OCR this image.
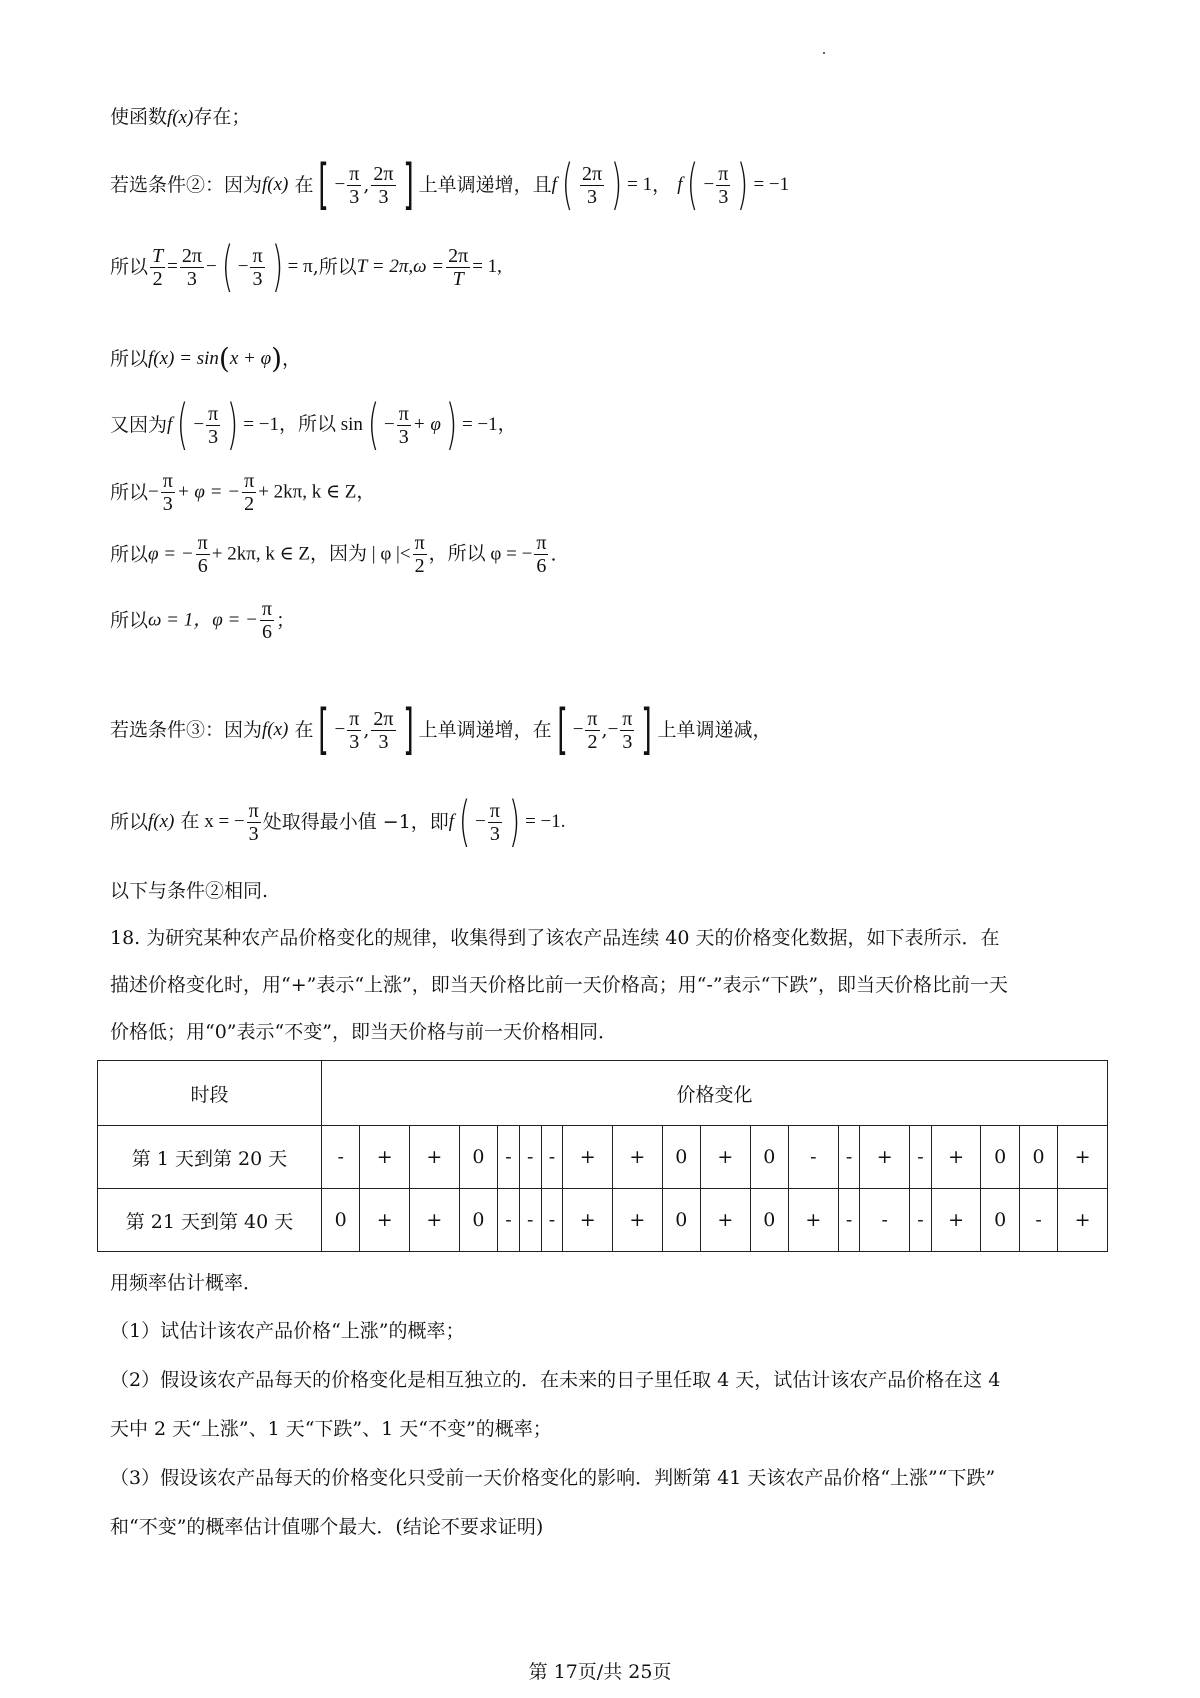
使函数f(x)存在；
若选条件②：因为f(x) 在[ − $\frac{\pi}{3}$ , $\frac{2\pi}{3}$ ] 上单调递增，且$f( \frac{2\pi}{3}$ ) = 1， $f( - \frac{\pi}{3}$ ) = −1
所以 $\frac{T}{2} = \frac{2\pi}{3}$ −( − $\frac{\pi}{3}$ ) = π,所以$T = 2\pi,\omega = \frac{2\pi}{T} = 1$,
所以f(x) = sin(x + φ)，
又因为$f( - \frac{\pi}{3}$ ) = −1，所以 $\sin( - \frac{\pi}{3} + \varphi) = -1$，
所以− $\frac{\pi}{3} + \varphi$ = − $\frac{\pi}{2} + 2k\pi$, k ∈ Z，
所以φ = − $\frac{\pi}{6} + 2k\pi$, k ∈ Z，因为 | φ |< $\frac{\pi}{2}$ ，所以 φ = − $\frac{\pi}{6}$ .
所以ω = 1，φ = − $\frac{\pi}{6}$ ；
若选条件③：因为f(x) 在[ − $\frac{\pi}{3}$ , $\frac{2\pi}{3}$ ] 上单调递增，在[ − $\frac{\pi}{2}$ ,− $\frac{\pi}{3}$ ] 上单调递减，
所以f(x) 在 x = − $\frac{\pi}{3}$ 处取得最小值 −1，即$f( - \frac{\pi}{3}$ ) = −1.
以下与条件②相同.
18. 为研究某种农产品价格变化的规律，收集得到了该农产品连续 40 天的价格变化数据，如下表所示．在
描述价格变化时，用“+”表示“上涨”，即当天价格比前一天价格高；用“-”表示“下跌”，即当天价格比前一天
价格低；用“0”表示“不变”，即当天价格与前一天价格相同．
时段	价格变化																			
第 1 天到第 20 天	-	+	+	0	-	-	-	+	+	0	+	0	-	-	+	-	+	0	0	+
第 21 天到第 40 天	0	+	+	0	-	-	-	+	+	0	+	0	+	-	-	-	+	0	-	+
用频率估计概率．
（1）试估计该农产品价格“上涨”的概率；
（2）假设该农产品每天的价格变化是相互独立的．在未来的日子里任取 4 天，试估计该农产品价格在这 4
天中 2 天“上涨”、1 天“下跌”、1 天“不变”的概率；
（3）假设该农产品每天的价格变化只受前一天价格变化的影响．判断第 41 天该农产品价格“上涨”“下跌”
和“不变”的概率估计值哪个最大．(结论不要求证明)
第 17页/共 25页
